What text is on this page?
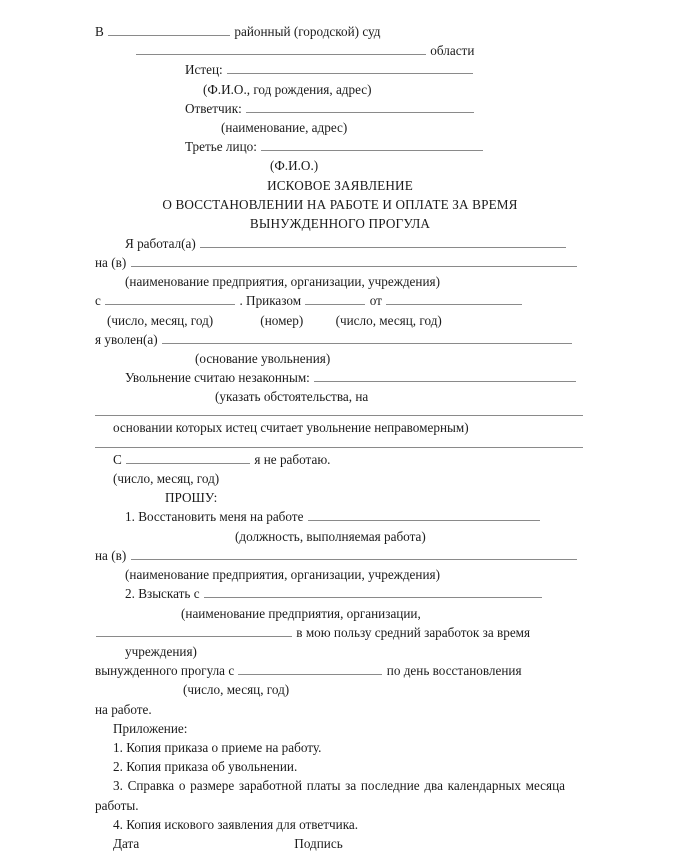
В	районный (городской) суд
области
Истец:
(Ф.И.О., год рождения, адрес)
Ответчик:
(наименование, адрес)
Третье лицо:
(Ф.И.О.)
ИСКОВОЕ ЗАЯВЛЕНИЕ
О ВОССТАНОВЛЕНИИ НА РАБОТЕ И ОПЛАТЕ ЗА ВРЕМЯ
ВЫНУЖДЕННОГО ПРОГУЛА
Я работал(а)
на (в)
(наименование предприятия, организации, учреждения)
с	. Приказом	от
(число, месяц, год)	(номер) (число, месяц, год)
я уволен(а)
(основание увольнения)
Увольнение считаю незаконным:
(указать обстоятельства, на
основании которых истец считает увольнение неправомерным)
С	я не работаю.
(число, месяц, год)
ПРОШУ:
1. Восстановить меня на работе
(должность, выполняемая работа)
на (в)
(наименование предприятия, организации, учреждения)
2. Взыскать с
(наименование предприятия, организации,
в мою пользу средний заработок за время
учреждения)
вынужденного прогула с	по день восстановления
(число, месяц, год)
на работе.
Приложение:
1. Копия приказа о приеме на работу.
2. Копия приказа об увольнении.
3. Справка о размере заработной платы за последние два календарных месяца работы.
4. Копия искового заявления для ответчика.
Дата	Подпись
